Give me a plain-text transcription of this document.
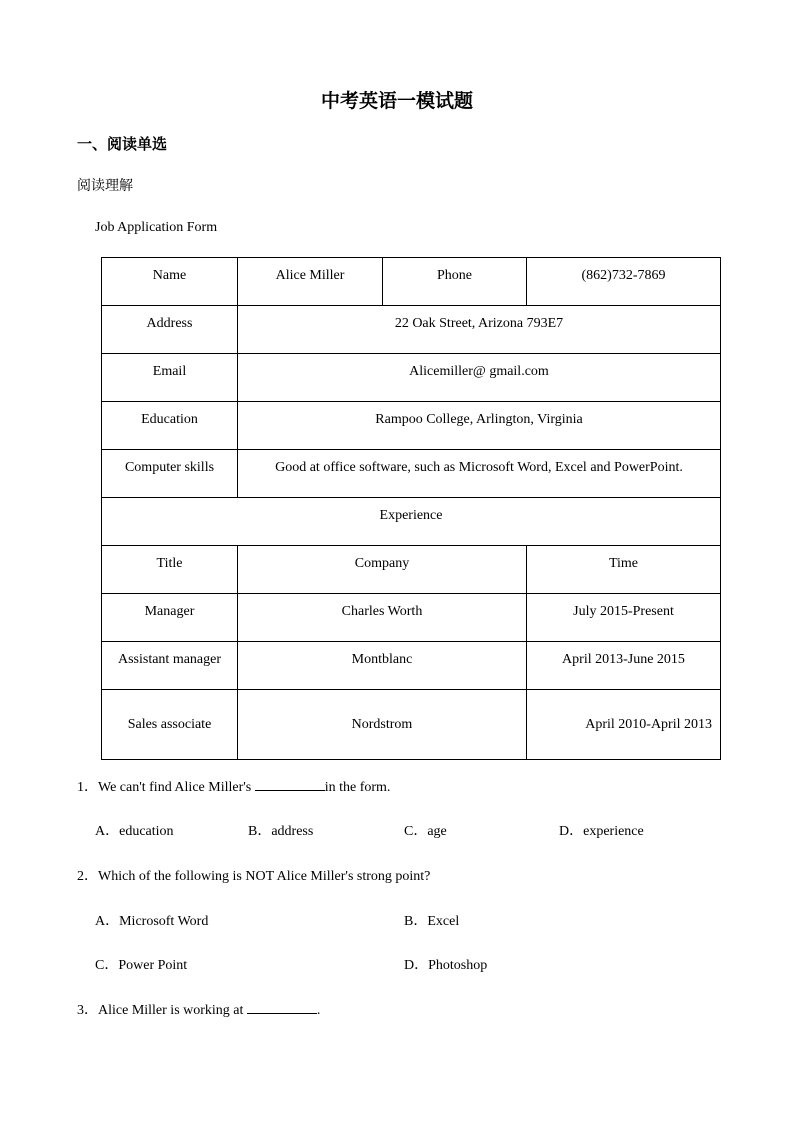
中考英语一模试题
一、阅读单选
阅读理解
Job Application Form
Name	Alice Miller	Phone	(862)732-7869
Address	22 Oak Street, Arizona 793E7		
Email	Alicemiller@ gmail.com		
Education	Rampoo College, Arlington, Virginia		
Computer skills	Good at office software, such as Microsoft Word, Excel and PowerPoint.		
Experience			
Title	Company		Time
Manager	Charles Worth		July 2015-Present
Assistant manager	Montblanc		April 2013-June 2015
Sales associate	Nordstrom		April 2010-April 2013
1．We can't find Alice Miller's	in the form.
A．education	B．address	C．age	D．experience
2．Which of the following is NOT Alice Miller's strong point?
A．Microsoft Word	B．Excel
C．Power Point	D．Photoshop
3．Alice Miller is working at	.
